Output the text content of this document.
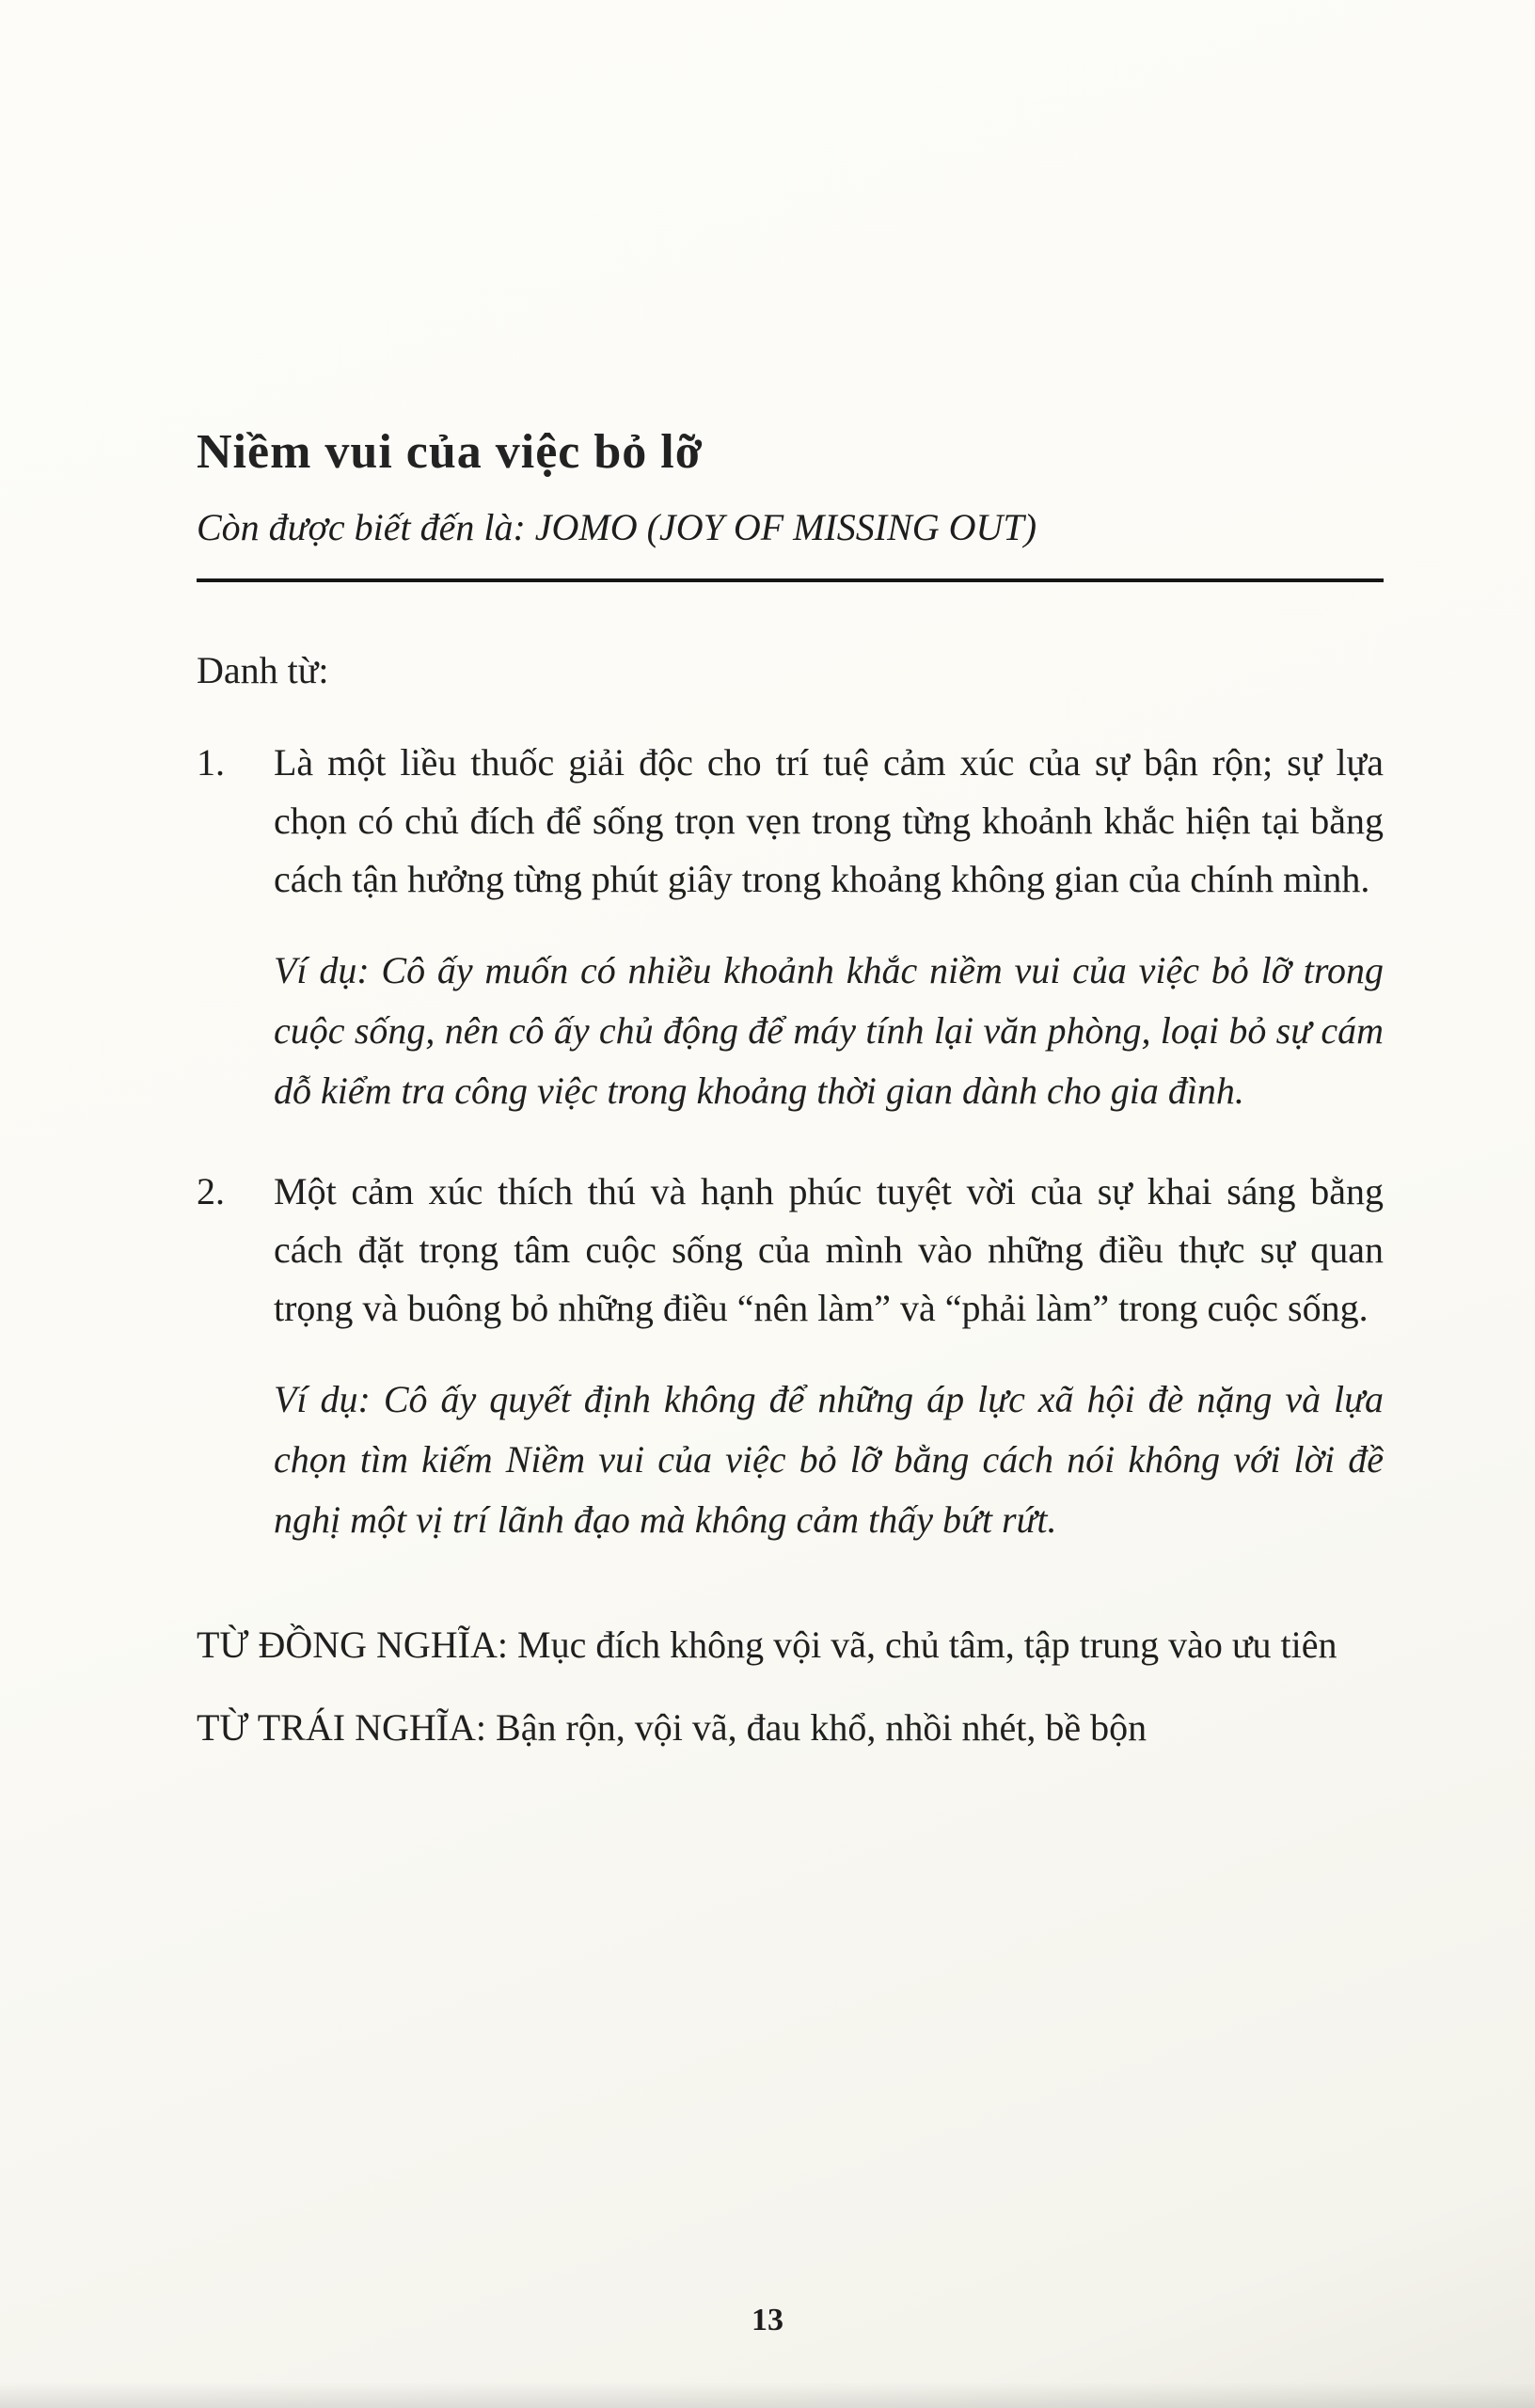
Niềm vui của việc bỏ lỡ

Còn được biết đến là: JOMO (JOY OF MISSING OUT)

Danh từ:

1.	Là một liều thuốc giải độc cho trí tuệ cảm xúc của sự bận rộn; sự lựa chọn có chủ đích để sống trọn vẹn trong từng khoảnh khắc hiện tại bằng cách tận hưởng từng phút giây trong khoảng không gian của chính mình.

Ví dụ: Cô ấy muốn có nhiều khoảnh khắc niềm vui của việc bỏ lỡ trong cuộc sống, nên cô ấy chủ động để máy tính lại văn phòng, loại bỏ sự cám dỗ kiểm tra công việc trong khoảng thời gian dành cho gia đình.

2.	Một cảm xúc thích thú và hạnh phúc tuyệt vời của sự khai sáng bằng cách đặt trọng tâm cuộc sống của mình vào những điều thực sự quan trọng và buông bỏ những điều “nên làm” và “phải làm” trong cuộc sống.

Ví dụ: Cô ấy quyết định không để những áp lực xã hội đè nặng và lựa chọn tìm kiếm Niềm vui của việc bỏ lỡ bằng cách nói không với lời đề nghị một vị trí lãnh đạo mà không cảm thấy bứt rứt.

TỪ ĐỒNG NGHĨA: Mục đích không vội vã, chủ tâm, tập trung vào ưu tiên

TỪ TRÁI NGHĨA: Bận rộn, vội vã, đau khổ, nhồi nhét, bề bộn

13
